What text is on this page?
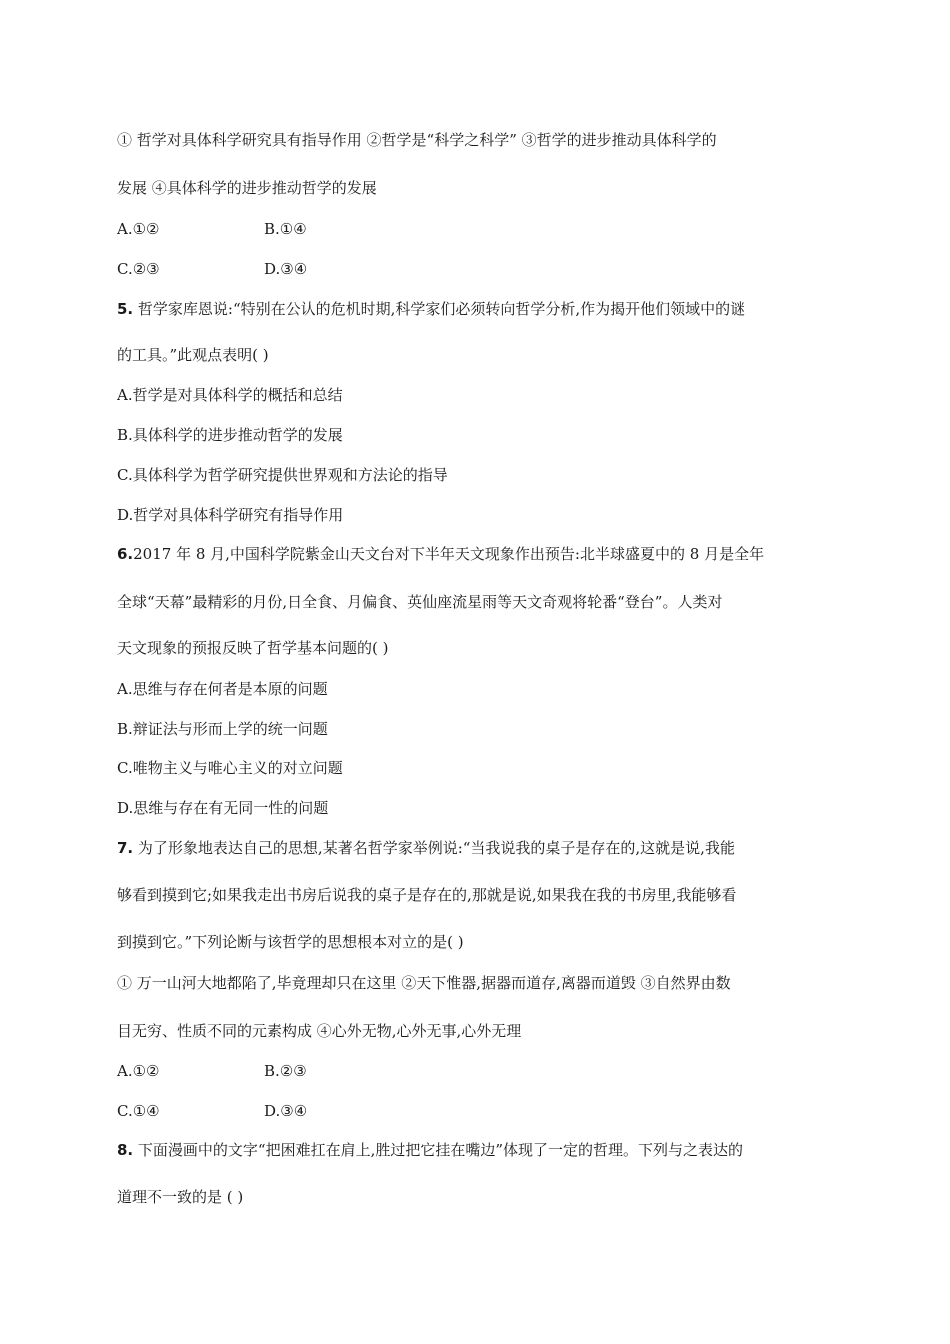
① 哲学对具体科学研究具有指导作用 ②哲学是“科学之科学” ③哲学的进步推动具体科学的
发展 ④具体科学的进步推动哲学的发展
A.①②	B.①④
C.②③	D.③④
5. 哲学家库恩说:“特别在公认的危机时期,科学家们必须转向哲学分析,作为揭开他们领域中的谜
的工具。”此观点表明( )
A.哲学是对具体科学的概括和总结
B.具体科学的进步推动哲学的发展
C.具体科学为哲学研究提供世界观和方法论的指导
D.哲学对具体科学研究有指导作用
6.2017 年 8 月,中国科学院紫金山天文台对下半年天文现象作出预告:北半球盛夏中的 8 月是全年
全球“天幕”最精彩的月份,日全食、月偏食、英仙座流星雨等天文奇观将轮番“登台”。人类对
天文现象的预报反映了哲学基本问题的( )
A.思维与存在何者是本原的问题
B.辩证法与形而上学的统一问题
C.唯物主义与唯心主义的对立问题
D.思维与存在有无同一性的问题
7. 为了形象地表达自己的思想,某著名哲学家举例说:“当我说我的桌子是存在的,这就是说,我能
够看到摸到它;如果我走出书房后说我的桌子是存在的,那就是说,如果我在我的书房里,我能够看
到摸到它。”下列论断与该哲学的思想根本对立的是( )
① 万一山河大地都陷了,毕竟理却只在这里 ②天下惟器,据器而道存,离器而道毁 ③自然界由数
目无穷、性质不同的元素构成 ④心外无物,心外无事,心外无理
A.①②	B.②③
C.①④	D.③④
8. 下面漫画中的文字“把困难扛在肩上,胜过把它挂在嘴边”体现了一定的哲理。下列与之表达的
道理不一致的是 ( )
